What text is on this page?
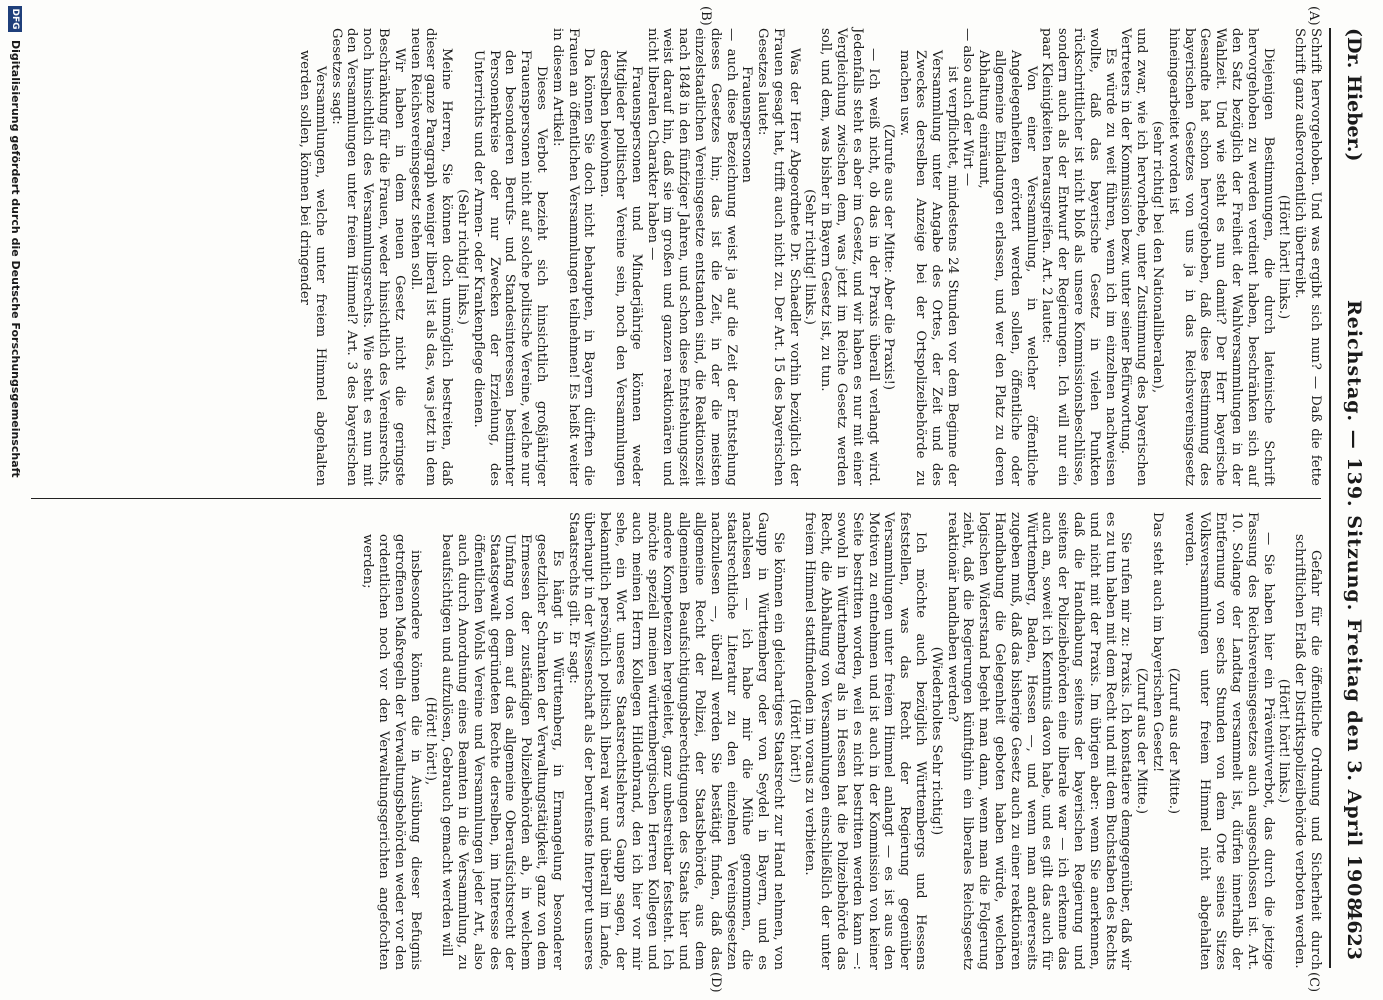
(Dr. Hieber.)
Reichstag. — 139. Sitzung. Freitag den 3. April 1908.
4623
(A)
(B)
(C)
(D)

Schrift hervorgehoben. Und was ergibt sich nun? — Daß die fette Schrift ganz außerordentlich übertreibt.

(Hört! hört! links.)

Diejenigen Bestimmungen, die durch lateinische Schrift hervorgehoben zu werden verdient haben, beschränken sich auf den Satz bezüglich der Freiheit der Wahlversammlungen in der Wahlzeit. Und wie steht es nun damit? Der Herr bayerische Gesandte hat schon hervorgehoben, daß diese Bestimmung des bayerischen Gesetzes von uns ja in das Reichsvereinsgesetz hineingearbeitet worden ist

(sehr richtig! bei den Nationalliberalen),

und zwar, wie ich hervorhebe, unter Zustimmung des bayerischen Vertreters in der Kommission bezw. unter seiner Befürwortung.

Es würde zu weit führen, wenn ich im einzelnen nachweisen wollte, daß das bayerische Gesetz in vielen Punkten rückschrittlicher ist nicht bloß als unsere Kommissionsbeschlüsse, sondern auch als der Entwurf der Regierungen. Ich will nur ein paar Kleinigkeiten herausgreifen. Art. 2 lautet:

Von einer Versammlung, in welcher öffentliche Angelegenheiten erörtert werden sollen, öffentliche oder allgemeine Einladungen erlassen, und wer den Platz zu deren Abhaltung einräumt,

— also auch der Wirt —

ist verpflichtet, mindestens 24 Stunden vor dem Beginne der Versammlung unter Angabe des Ortes, der Zeit und des Zweckes derselben Anzeige bei der Ortspolizeibehörde zu machen usw.

(Zurufe aus der Mitte: Aber die Praxis!)

— Ich weiß nicht, ob das in der Praxis überall verlangt wird. Jedenfalls steht es aber im Gesetz, und wir haben es nur mit einer Vergleichung zwischen dem, was jetzt im Reiche Gesetz werden soll, und dem, was bisher in Bayern Gesetz ist, zu tun.

(Sehr richtig! links.)

Was der Herr Abgeordnete Dr. Schaedler vorhin bezüglich der Frauen gesagt hat, trifft auch nicht zu. Der Art. 15 des bayerischen Gesetzes lautet:

Frauenspersonen

— auch diese Bezeichnung weist ja auf die Zeit der Entstehung dieses Gesetzes hin; das ist die Zeit, in der die meisten einzelstaatlichen Vereinsgesetze entstanden sind, die Reaktionszeit nach 1848 in den fünfziger Jahren, und schon diese Entstehungszeit weist darauf hin, daß sie im großen und ganzen reaktionären und nicht liberalen Charakter haben —

Frauenspersonen und Minderjährige können weder Mitglieder politischer Vereine sein, noch den Versammlungen derselben beiwohnen.

Da können Sie doch nicht behaupten, in Bayern dürften die Frauen an öffentlichen Versammlungen teilnehmen! Es heißt weiter in diesem Artikel:

Dieses Verbot bezieht sich hinsichtlich großjähriger Frauenspersonen nicht auf solche politische Vereine, welche nur den besonderen Berufs- und Standesinteressen bestimmter Personenkreise oder nur Zwecken der Erziehung, des Unterrichts und der Armen- oder Krankenpflege dienen.

(Sehr richtig! links.)

Meine Herren, Sie können doch unmöglich bestreiten, daß dieser ganze Paragraph weniger liberal ist als das, was jetzt in dem neuen Reichsvereinsgesetz stehen soll.

Wir haben in dem neuen Gesetz nicht die geringste Beschränkung für die Frauen, weder hinsichtlich des Vereinsrechts, noch hinsichtlich des Versammlungsrechts. Wie steht es nun mit den Versammlungen unter freiem Himmel? Art. 3 des bayerischen Gesetzes sagt:

Versammlungen, welche unter freiem Himmel abgehalten werden sollen, können bei dringender

Gefahr für die öffentliche Ordnung und Sicherheit durch schriftlichen Erlaß der Distriktspolizeibehörde verboten werden.

(Hört! hört! links.)

— Sie haben hier ein Präventivverbot, das durch die jetzige Fassung des Reichsvereinsgesetzes auch ausgeschlossen ist. Art. 10. Solange der Landtag versammelt ist, dürfen innerhalb der Entfernung von sechs Stunden von dem Orte seines Sitzes Volksversammlungen unter freiem Himmel nicht abgehalten werden.

(Zuruf aus der Mitte.)

Das steht auch im bayerischen Gesetz!

(Zuruf aus der Mitte.)

Sie rufen mir zu: Praxis. Ich konstatiere demgegenüber, daß wir es zu tun haben mit dem Recht und mit dem Buchstaben des Rechts und nicht mit der Praxis. Im übrigen aber: wenn Sie anerkennen, daß die Handhabung seitens der bayerischen Regierung und seitens der Polizeibehörden eine liberale war — ich erkenne das auch an, soweit ich Kenntnis davon habe, und es gilt das auch für Württemberg, Baden, Hessen —, und wenn man andererseits zugeben muß, daß das bisherige Gesetz auch zu einer reaktionären Handhabung die Gelegenheit geboten haben würde, welchen logischen Widerstand begeht man dann, wenn man die Folgerung zieht, daß die Regierungen künftighin ein liberales Reichsgesetz reaktionär handhaben werden?

(Wiederholtes Sehr richtig!)

Ich möchte auch bezüglich Württembergs und Hessens feststellen, was das Recht der Regierung gegenüber Versammlungen unter freiem Himmel anlangt — es ist aus den Motiven zu entnehmen und ist auch in der Kommission von keiner Seite bestritten worden, weil es nicht bestritten werden kann —: sowohl in Württemberg als in Hessen hat die Polizeibehörde das Recht, die Abhaltung von Versammlungen einschließlich der unter freiem Himmel stattfindenden im voraus zu verbieten.

(Hört! hört!)

Sie können ein gleichartiges Staatsrecht zur Hand nehmen, von Gaupp in Württemberg oder von Seydel in Bayern, und es nachlesen — ich habe mir die Mühe genommen, die staatsrechtliche Literatur zu den einzelnen Vereinsgesetzen nachzulesen —, überall werden Sie bestätigt finden, daß das allgemeine Recht der Polizei, der Staatsbehörde, aus dem allgemeinen Beaufsichtigungsberechtigungen des Staats hier und andere Kompetenzen hergeleitet, ganz unbestreitbar feststeht. Ich möchte speziell meinen württembergischen Herren Kollegen und auch meinen Herrn Kollegen Hildenbrand, den ich hier vor mir sehe, ein Wort unseres Staatsrechtslehrers Gaupp sagen, der bekanntlich persönlich politisch liberal war und überall im Lande, überhaupt in der Wissenschaft als der berufenste Interpret unseres Staatsrechts gilt. Er sagt:

Es hängt in Württemberg, in Ermangelung besonderer gesetzlicher Schranken der Verwaltungstätigkeit, ganz von dem Ermessen der zuständigen Polizeibehörden ab, in welchem Umfang von dem auf das allgemeine Oberaufsichtsrecht der Staatsgewalt gegründeten Rechte derselben, im Interesse des öffentlichen Wohls Vereine und Versammlungen jeder Art, also auch durch Anordnung eines Beamten in die Versammlung, zu beaufsichtigen und aufzulösen, Gebrauch gemacht werden will

(Hört! hört!),

insbesondere können die in Ausübung dieser Befugnis getroffenen Maßregeln der Verwaltungsbehörden weder vor den ordentlichen noch vor den Verwaltungsgerichten angefochten werden;

DFG
Digitalisierung gefördert durch die Deutsche Forschungsgemeinschaft
